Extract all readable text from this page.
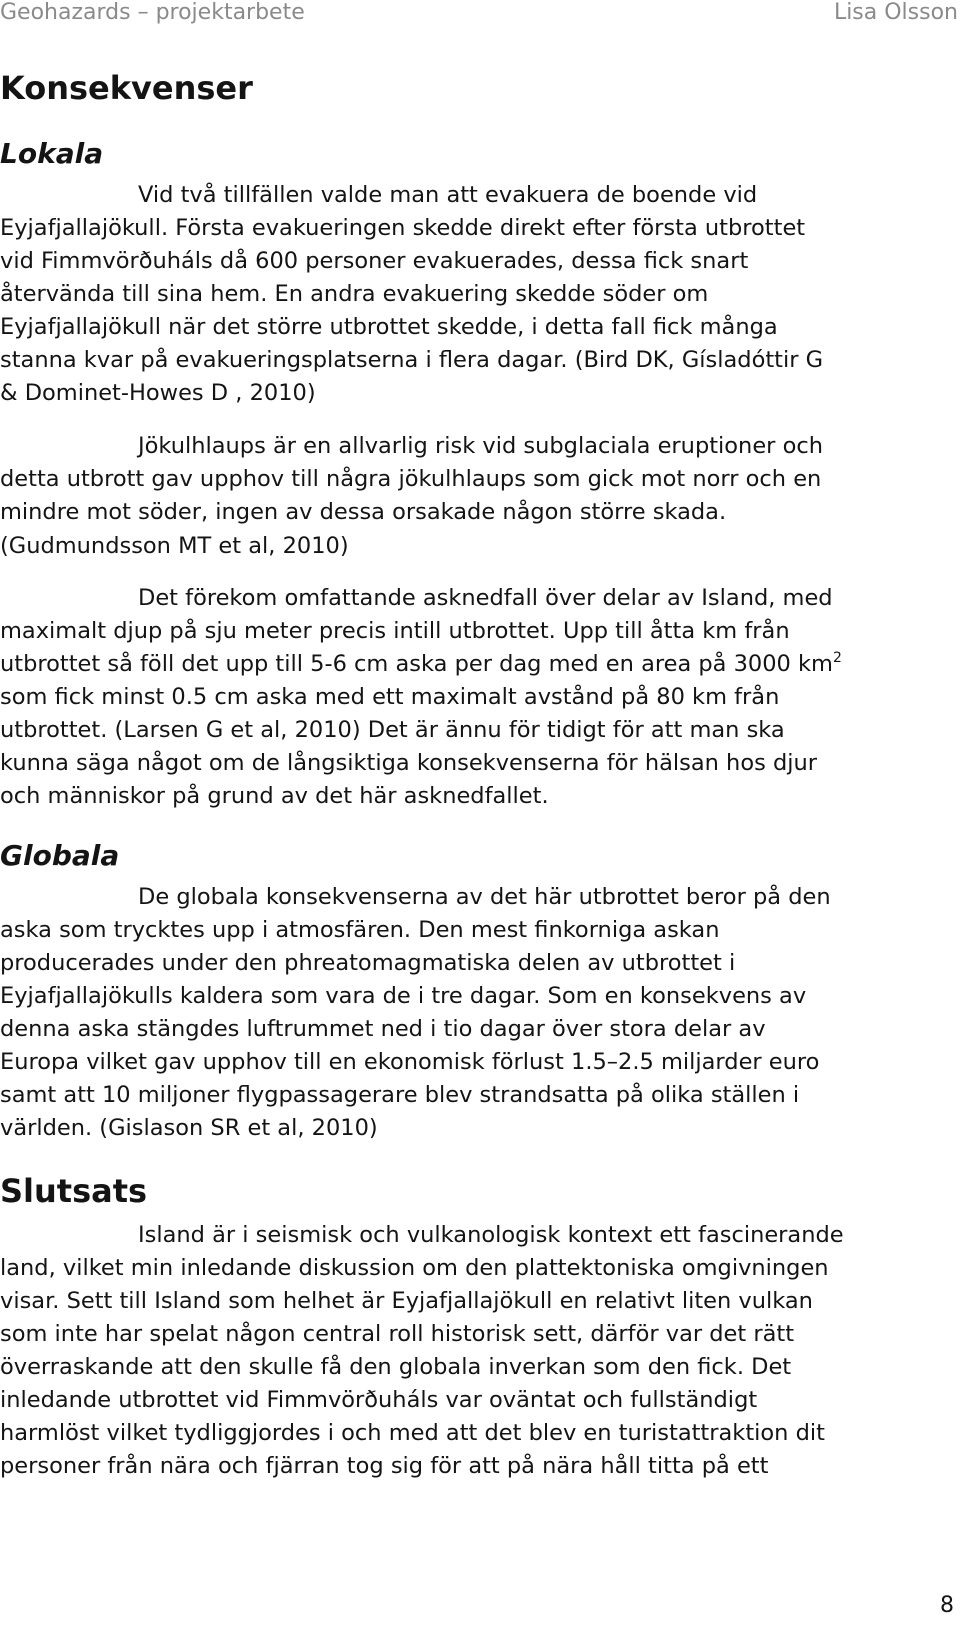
Geohazards – projektarbete	Lisa Olsson
Konsekvenser
Lokala
Vid två tillfällen valde man att evakuera de boende vid
Eyjafjallajökull. Första evakueringen skedde direkt efter första utbrottet
vid Fimmvörðuháls då 600 personer evakuerades, dessa fick snart
återvända till sina hem. En andra evakuering skedde söder om
Eyjafjallajökull när det större utbrottet skedde, i detta fall fick många
stanna kvar på evakueringsplatserna i flera dagar. (Bird DK, Gísladóttir G
& Dominet-Howes D , 2010)
Jökulhlaups är en allvarlig risk vid subglaciala eruptioner och
detta utbrott gav upphov till några jökulhlaups som gick mot norr och en
mindre mot söder, ingen av dessa orsakade någon större skada.
(Gudmundsson MT et al, 2010)
Det förekom omfattande asknedfall över delar av Island, med
maximalt djup på sju meter precis intill utbrottet. Upp till åtta km från
utbrottet så föll det upp till 5-6 cm aska per dag med en area på 3000 $km^2$
som fick minst 0.5 cm aska med ett maximalt avstånd på 80 km från
utbrottet. (Larsen G et al, 2010) Det är ännu för tidigt för att man ska
kunna säga något om de långsiktiga konsekvenserna för hälsan hos djur
och människor på grund av det här asknedfallet.
Globala
De globala konsekvenserna av det här utbrottet beror på den
aska som trycktes upp i atmosfären. Den mest finkorniga askan
producerades under den phreatomagmatiska delen av utbrottet i
Eyjafjallajökulls kaldera som vara de i tre dagar. Som en konsekvens av
denna aska stängdes luftrummet ned i tio dagar över stora delar av
Europa vilket gav upphov till en ekonomisk förlust 1.5–2.5 miljarder euro
samt att 10 miljoner flygpassagerare blev strandsatta på olika ställen i
världen. (Gislason SR et al, 2010)
Slutsats
Island är i seismisk och vulkanologisk kontext ett fascinerande
land, vilket min inledande diskussion om den plattektoniska omgivningen
visar. Sett till Island som helhet är Eyjafjallajökull en relativt liten vulkan
som inte har spelat någon central roll historisk sett, därför var det rätt
överraskande att den skulle få den globala inverkan som den fick. Det
inledande utbrottet vid Fimmvörðuháls var oväntat och fullständigt
harmlöst vilket tydliggjordes i och med att det blev en turistattraktion dit
personer från nära och fjärran tog sig för att på nära håll titta på ett
8
